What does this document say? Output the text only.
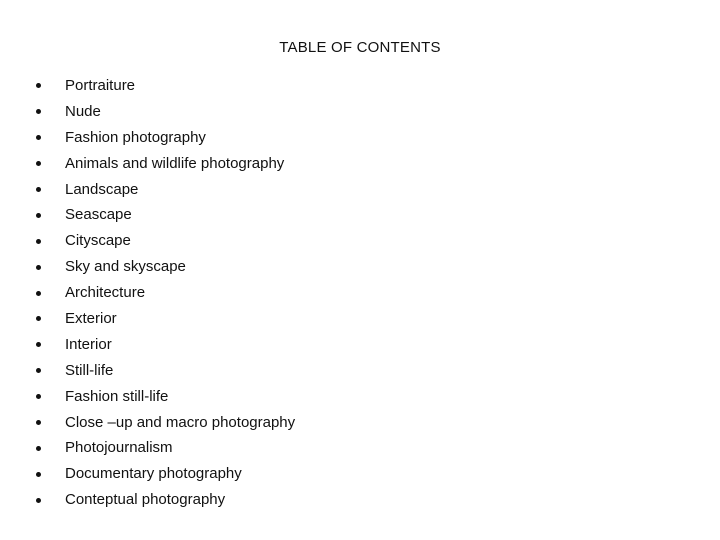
TABLE OF CONTENTS
Portraiture
Nude
Fashion photography
Animals and wildlife photography
Landscape
Seascape
Cityscape
Sky and skyscape
Architecture
Exterior
Interior
Still-life
Fashion still-life
Close –up and macro photography
Photojournalism
Documentary photography
Conteptual photography
